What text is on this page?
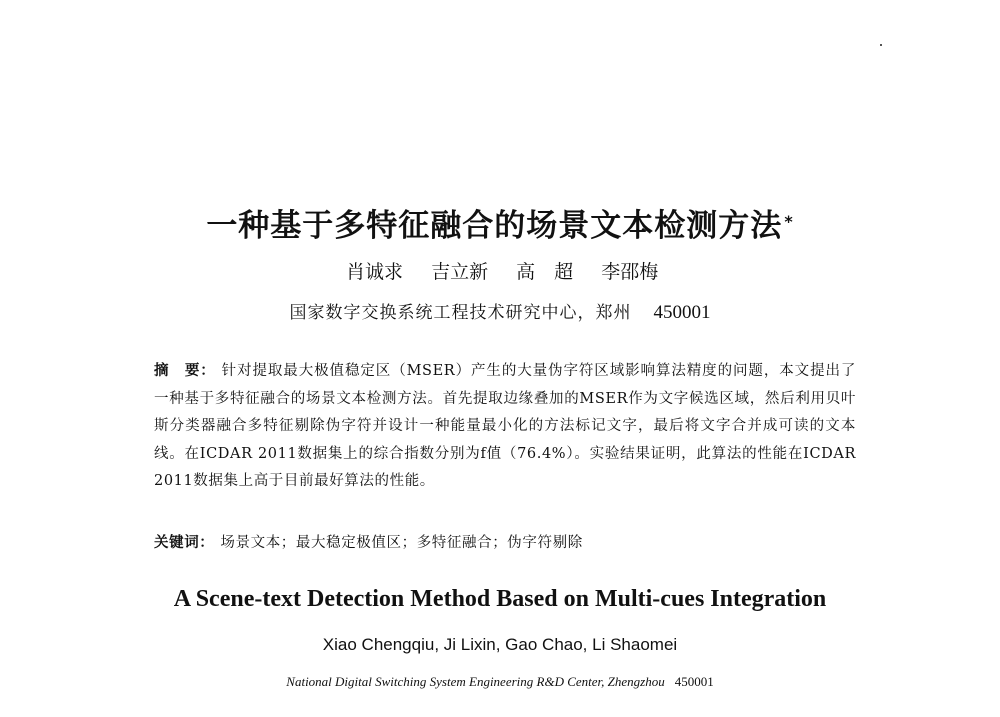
一种基于多特征融合的场景文本检测方法 *
肖诚求 吉立新 高　超 李邵梅
国家数字交换系统工程技术研究中心，郑州 450001
摘　要： 针对提取最大极值稳定区（MSER）产生的大量伪字符区域影响算法精度的问题，本文提出了一种基于多特征融合的场景文本检测方法。首先提取边缘叠加的MSER作为文字候选区域，然后利用贝叶斯分类器融合多特征剔除伪字符并设计一种能量最小化的方法标记文字，最后将文字合并成可读的文本线。在ICDAR 2011数据集上的综合指数分别为f值（76.4%）。实验结果证明，此算法的性能在ICDAR 2011数据集上高于目前最好算法的性能。
关键词： 场景文本；最大稳定极值区；多特征融合；伪字符剔除
A Scene-text Detection Method Based on Multi-cues Integration
Xiao Chengqiu, Ji Lixin, Gao Chao, Li Shaomei
National Digital Switching System Engineering R&D Center, Zhengzhou 450001
